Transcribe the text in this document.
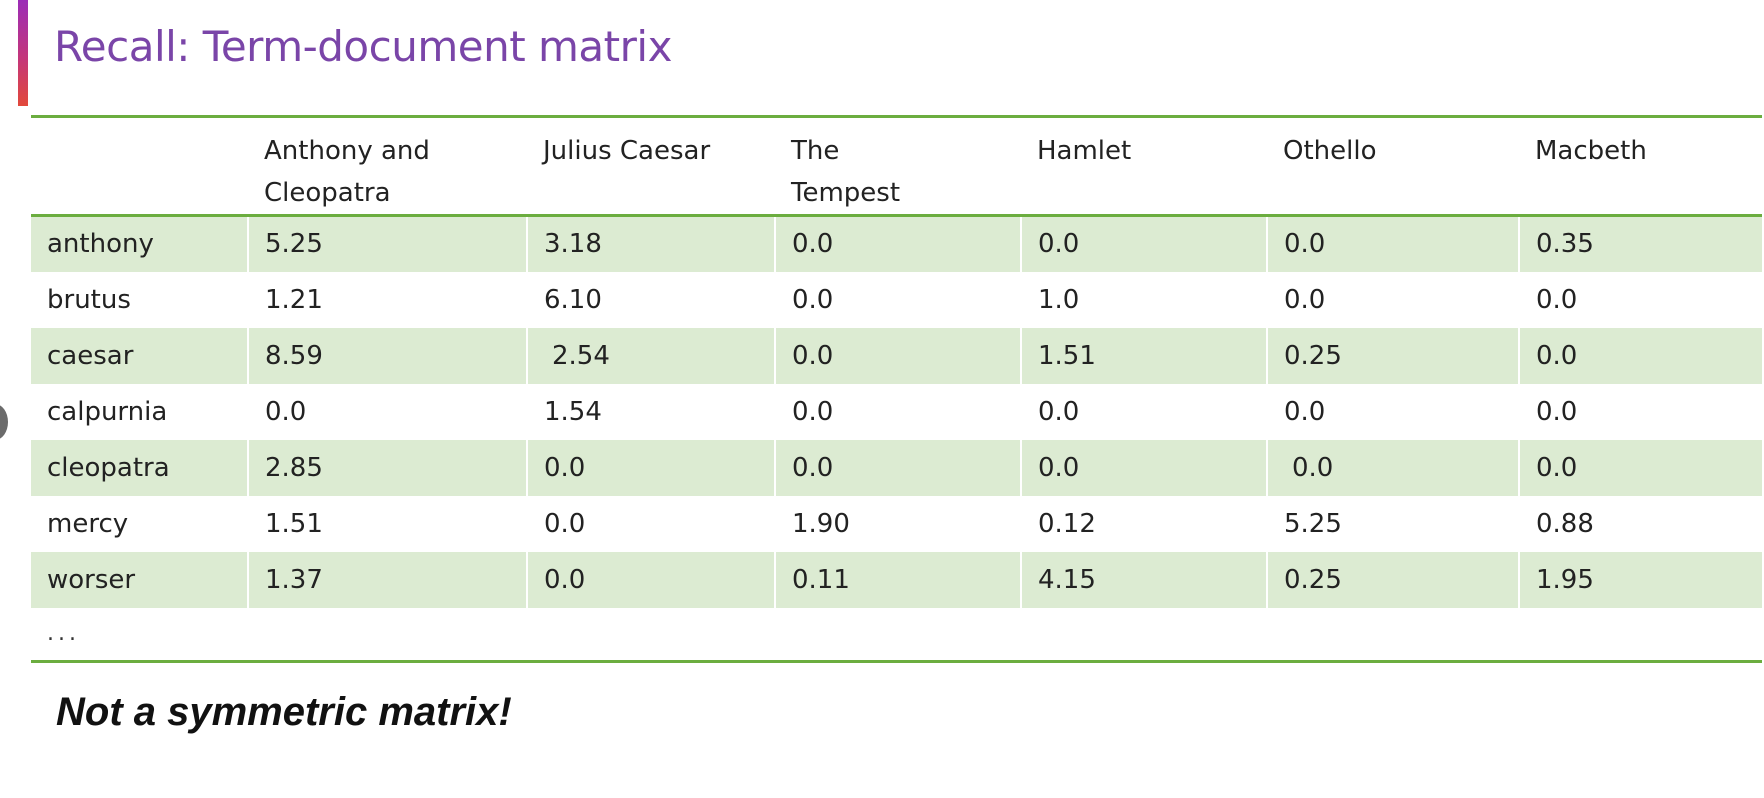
Recall: Term-document matrix
	Anthony and Cleopatra	Julius Caesar	The Tempest	Hamlet	Othello	Macbeth
anthony	5.25	3.18	0.0	0.0	0.0	0.35
brutus	1.21	6.10	0.0	1.0	0.0	0.0
caesar	8.59	2.54	0.0	1.51	0.25	0.0
calpurnia	0.0	1.54	0.0	0.0	0.0	0.0
cleopatra	2.85	0.0	0.0	0.0	0.0	0.0
mercy	1.51	0.0	1.90	0.12	5.25	0.88
worser	1.37	0.0	0.11	4.15	0.25	1.95
...						

Not a symmetric matrix!
